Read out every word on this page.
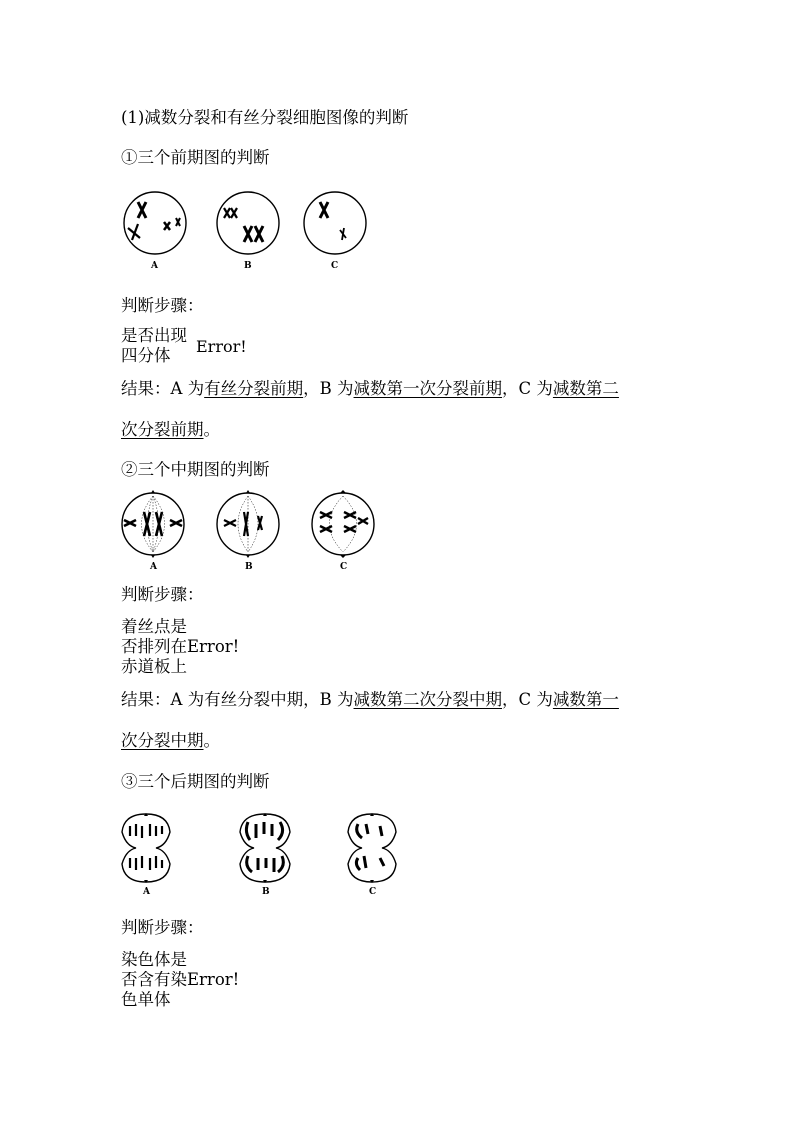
(1)减数分裂和有丝分裂细胞图像的判断
①三个前期图的判断
A	B	C
判断步骤：
是否出现
四分体 Error!
结果：A 为有丝分裂前期，B 为减数第一次分裂前期，C 为减数第二
次分裂前期。
②三个中期图的判断
A	B	C
判断步骤：
着丝点是
否排列在Error!
赤道板上
结果：A 为有丝分裂中期，B 为减数第二次分裂中期，C 为减数第一
次分裂中期。
③三个后期图的判断
A	B	C
判断步骤：
染色体是
否含有染Error!
色单体
